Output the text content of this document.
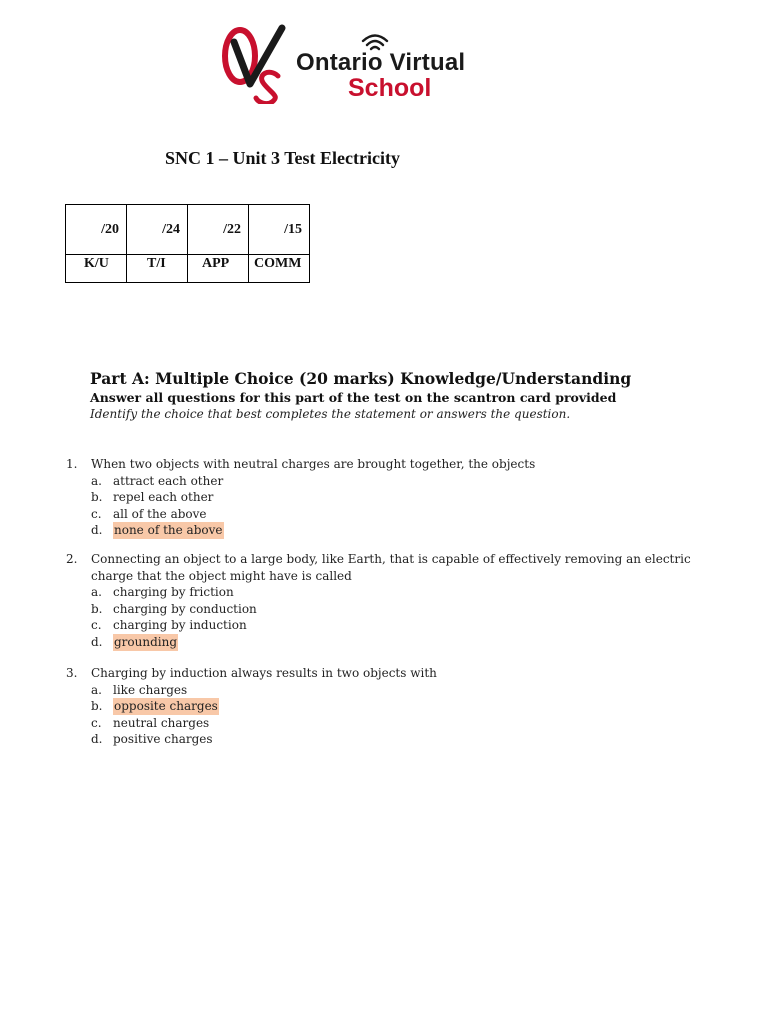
Ontario Virtual
School
SNC 1 – Unit 3 Test Electricity
/20	/24	/22	/15
K/U	T/I	APP	COMM
Part A: Multiple Choice (20 marks) Knowledge/Understanding
Answer all questions for this part of the test on the scantron card provided
Identify the choice that best completes the statement or answers the question.
1. When two objects with neutral charges are brought together, the objects
a. attract each other
b. repel each other
c. all of the above
d. none of the above
2. Connecting an object to a large body, like Earth, that is capable of effectively removing an electric charge that the object might have is called
a. charging by friction
b. charging by conduction
c. charging by induction
d. grounding
3. Charging by induction always results in two objects with
a. like charges
b. opposite charges
c. neutral charges
d. positive charges
